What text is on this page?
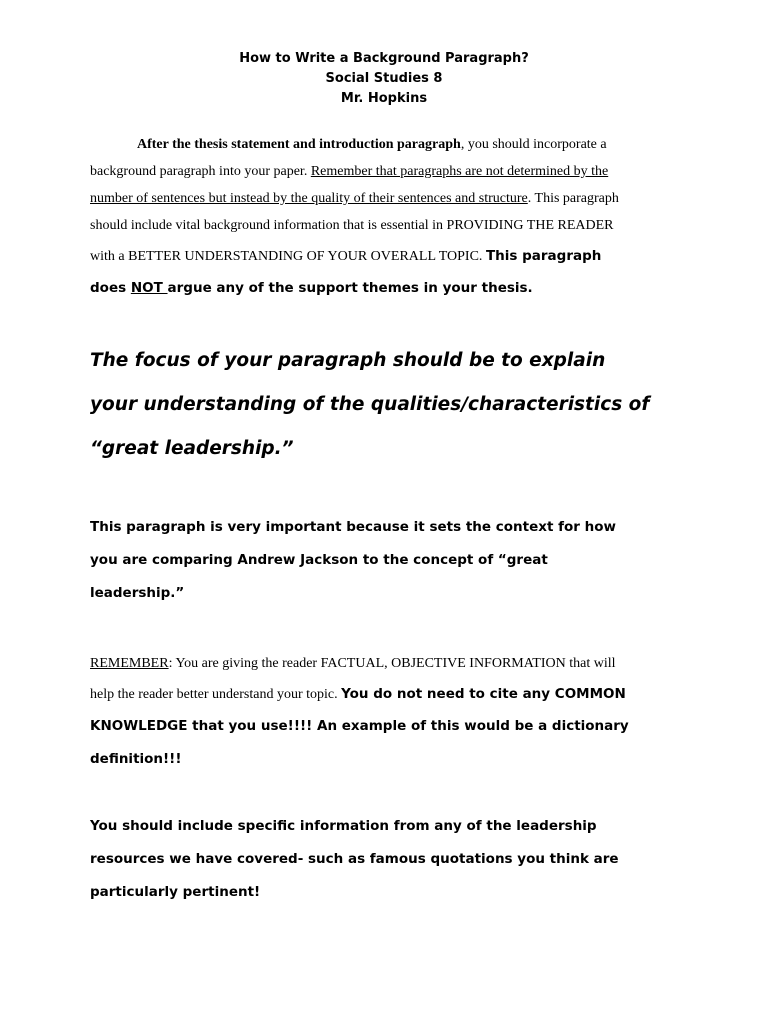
How to Write a Background Paragraph?
Social Studies 8
Mr. Hopkins
After the thesis statement and introduction paragraph, you should incorporate a
background paragraph into your paper. Remember that paragraphs are not determined by the
number of sentences but instead by the quality of their sentences and structure. This paragraph
should include vital background information that is essential in PROVIDING THE READER
with a BETTER UNDERSTANDING OF YOUR OVERALL TOPIC. This paragraph
does NOT argue any of the support themes in your thesis.
The focus of your paragraph should be to explain
your understanding of the qualities/characteristics of
“great leadership.”
This paragraph is very important because it sets the context for how
you are comparing Andrew Jackson to the concept of “great
leadership.”
REMEMBER: You are giving the reader FACTUAL, OBJECTIVE INFORMATION that will
help the reader better understand your topic. You do not need to cite any COMMON
KNOWLEDGE that you use!!!! An example of this would be a dictionary
definition!!!
You should include specific information from any of the leadership
resources we have covered- such as famous quotations you think are
particularly pertinent!
